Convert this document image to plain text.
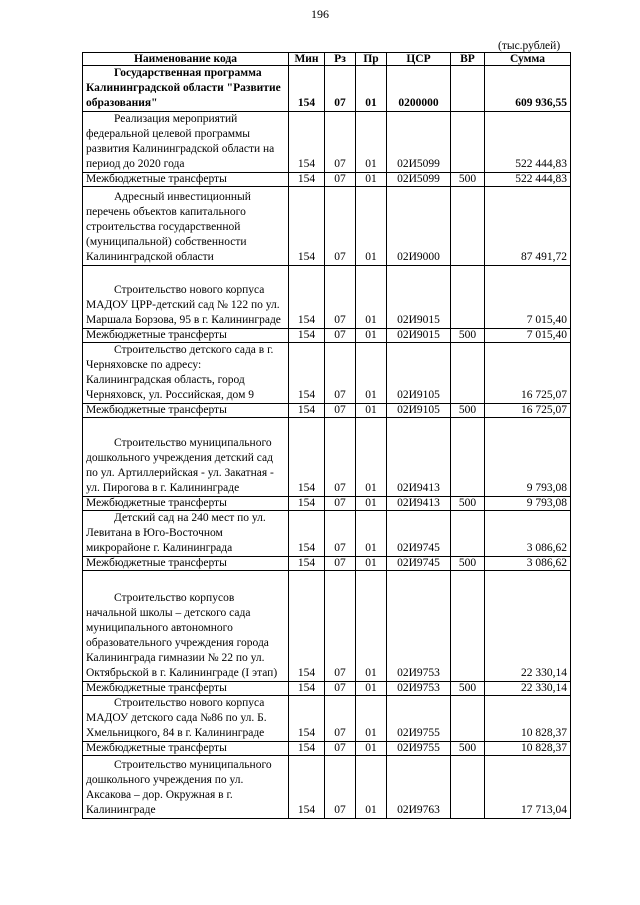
196
(тыс.рублей)
Наименование кода	Мин	Рз	Пр	ЦСР	ВР	Сумма
Государственная программа Калининградской области "Развитие образования"	154	07	01	0200000		609 936,55
Реализация мероприятий федеральной целевой программы развития Калининградской области на период до 2020 года	154	07	01	02И5099		522 444,83
Межбюджетные трансферты	154	07	01	02И5099	500	522 444,83
Адресный инвестиционный перечень объектов капитального строительства государственной (муниципальной) собственности Калининградской области	154	07	01	02И9000		87 491,72
Строительство нового корпуса МАДОУ ЦРР-детский сад № 122 по ул. Маршала Борзова, 95 в г. Калининграде	154	07	01	02И9015		7 015,40
Межбюджетные трансферты	154	07	01	02И9015	500	7 015,40
Строительство детского сада в г. Черняховске по адресу: Калининградская область, город Черняховск, ул. Российская, дом 9	154	07	01	02И9105		16 725,07
Межбюджетные трансферты	154	07	01	02И9105	500	16 725,07
Строительство муниципального дошкольного учреждения детский сад по ул. Артиллерийская - ул. Закатная - ул. Пирогова в г. Калининграде	154	07	01	02И9413		9 793,08
Межбюджетные трансферты	154	07	01	02И9413	500	9 793,08
Детский сад на 240 мест по ул. Левитана в Юго-Восточном микрорайоне г. Калининграда	154	07	01	02И9745		3 086,62
Межбюджетные трансферты	154	07	01	02И9745	500	3 086,62
Строительство корпусов начальной школы – детского сада муниципального автономного образовательного учреждения города Калининграда гимназии № 22 по ул. Октябрьской в г. Калининграде (I этап)	154	07	01	02И9753		22 330,14
Межбюджетные трансферты	154	07	01	02И9753	500	22 330,14
Строительство нового корпуса МАДОУ детского сада №86 по ул. Б. Хмельницкого, 84 в г. Калининграде	154	07	01	02И9755		10 828,37
Межбюджетные трансферты	154	07	01	02И9755	500	10 828,37
Строительство муниципального дошкольного учреждения по ул. Аксакова – дор. Окружная в г. Калининграде	154	07	01	02И9763		17 713,04
